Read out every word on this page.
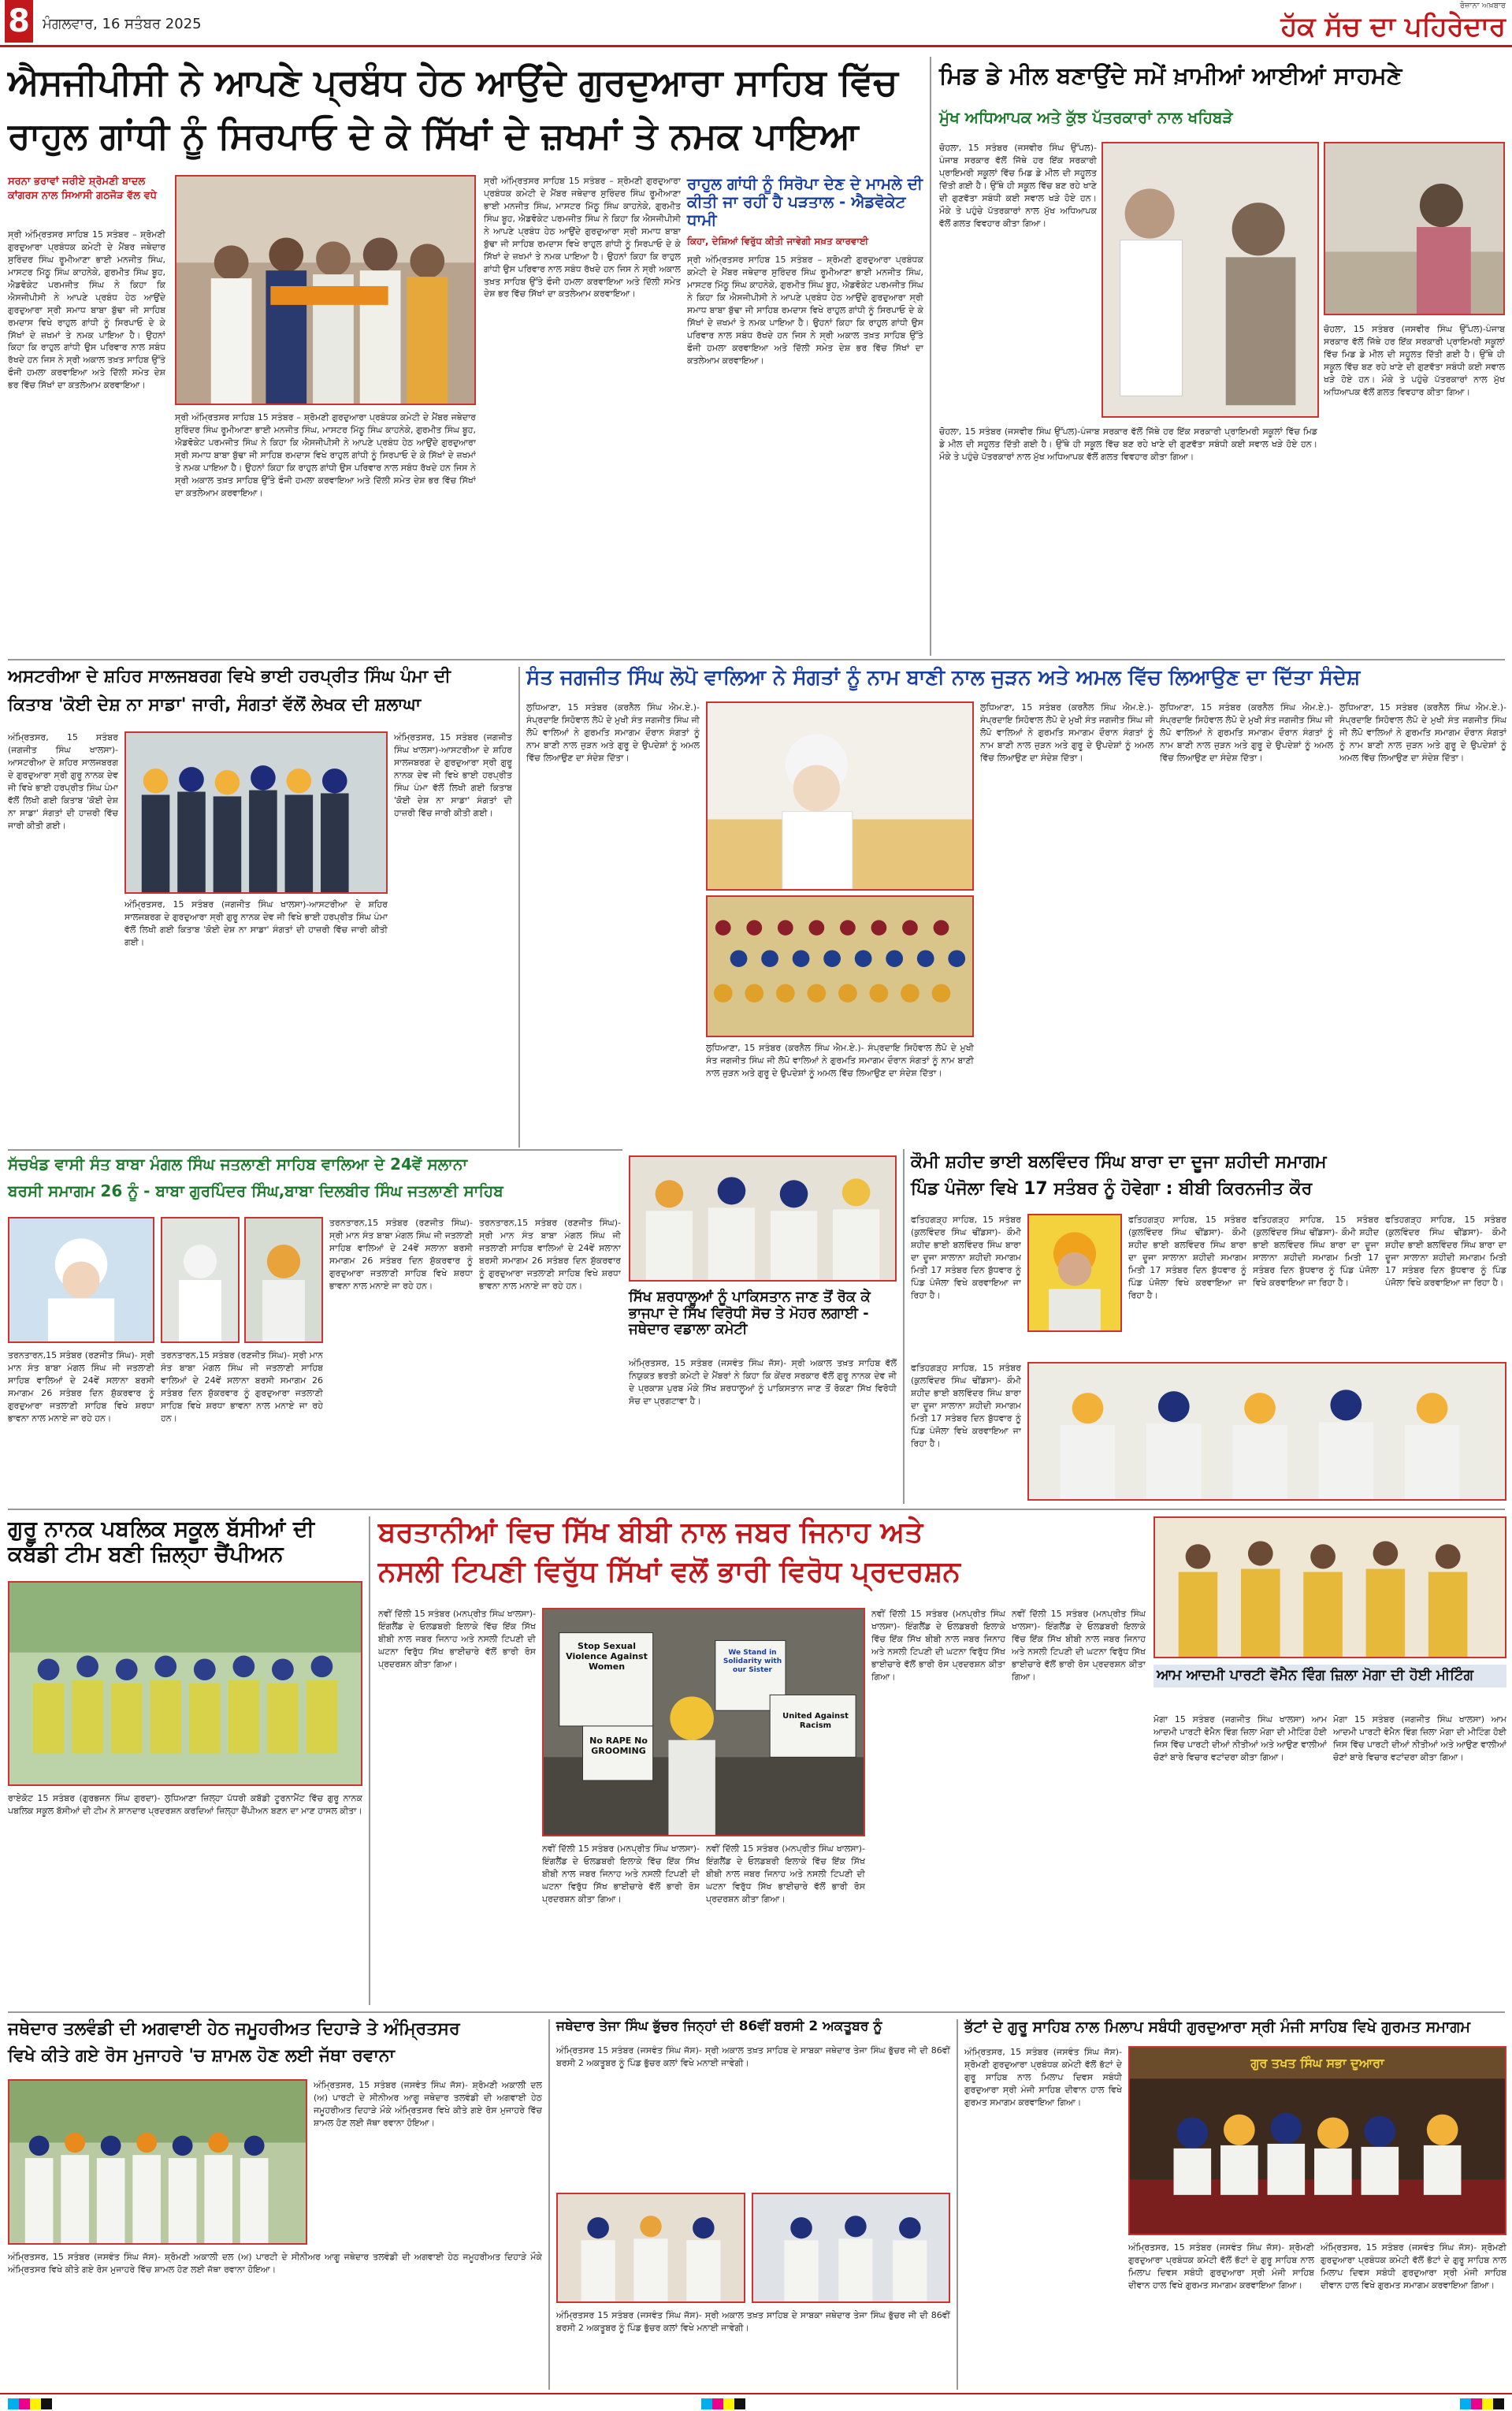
8 ਮੰਗਲਵਾਰ, 16 ਸਤੰਬਰ 2025
ਰੋਜ਼ਾਨਾ ਅਖ਼ਬਾਰ
ਹੱਕ ਸੱਚ ਦਾ ਪਹਿਰੇਦਾਰ
ਐਸਜੀਪੀਸੀ ਨੇ ਆਪਣੇ ਪ੍ਰਬੰਧ ਹੇਠ ਆਉਂਦੇ ਗੁਰਦੁਆਰਾ ਸਾਹਿਬ ਵਿੱਚ
ਰਾਹੁਲ ਗਾਂਧੀ ਨੂੰ ਸਿਰਪਾਓ ਦੇ ਕੇ ਸਿੱਖਾਂ ਦੇ ਜ਼ਖਮਾਂ ਤੇ ਨਮਕ ਪਾਇਆ
ਸਰਨਾ ਭਰਾਵਾਂ ਜਰੀਏ ਸ਼੍ਰੋਮਣੀ ਬਾਦਲ ਕਾਂਗਰਸ ਨਾਲ ਸਿਆਸੀ ਗਠਜੋੜ ਵੱਲ ਵਧੇ
ਸ੍ਰੀ ਅੰਮ੍ਰਿਤਸਰ ਸਾਹਿਬ 15 ਸਤੰਬਰ – ਸ਼੍ਰੋਮਣੀ ਗੁਰਦੁਆਰਾ ਪ੍ਰਬੰਧਕ ਕਮੇਟੀ ਦੇ ਮੈਂਬਰ ਜਥੇਦਾਰ ਸੁਰਿੰਦਰ ਸਿੰਘ ਰੂਮੀਆਣਾ ਭਾਈ ਮਨਜੀਤ ਸਿੰਘ, ਮਾਸਟਰ ਮਿੱਠੂ ਸਿੰਘ ਕਾਹਨੇਕੇ, ਗੁਰਮੀਤ ਸਿੰਘ ਬੂਹ, ਐਡਵੋਕੇਟ ਪਰਮਜੀਤ ਸਿੰਘ ਨੇ ਕਿਹਾ ਕਿ ਐਸਜੀਪੀਸੀ ਨੇ ਆਪਣੇ ਪ੍ਰਬੰਧ ਹੇਠ ਆਉਂਦੇ ਗੁਰਦੁਆਰਾ ਸ੍ਰੀ ਸਮਾਧ ਬਾਬਾ ਬੁੱਢਾ ਜੀ ਸਾਹਿਬ ਰਮਦਾਸ ਵਿਖੇ ਰਾਹੁਲ ਗਾਂਧੀ ਨੂੰ ਸਿਰਪਾਓ ਦੇ ਕੇ ਸਿੱਖਾਂ ਦੇ ਜ਼ਖਮਾਂ ਤੇ ਨਮਕ ਪਾਇਆ ਹੈ। ਉਹਨਾਂ ਕਿਹਾ ਕਿ ਰਾਹੁਲ ਗਾਂਧੀ ਉਸ ਪਰਿਵਾਰ ਨਾਲ ਸਬੰਧ ਰੱਖਦੇ ਹਨ ਜਿਸ ਨੇ ਸ੍ਰੀ ਅਕਾਲ ਤਖ਼ਤ ਸਾਹਿਬ ਉੱਤੇ ਫੌਜੀ ਹਮਲਾ ਕਰਵਾਇਆ ਅਤੇ ਦਿੱਲੀ ਸਮੇਤ ਦੇਸ਼ ਭਰ ਵਿੱਚ ਸਿੱਖਾਂ ਦਾ ਕਤਲੇਆਮ ਕਰਵਾਇਆ।
ਸ੍ਰੀ ਅੰਮ੍ਰਿਤਸਰ ਸਾਹਿਬ 15 ਸਤੰਬਰ – ਸ਼੍ਰੋਮਣੀ ਗੁਰਦੁਆਰਾ ਪ੍ਰਬੰਧਕ ਕਮੇਟੀ ਦੇ ਮੈਂਬਰ ਜਥੇਦਾਰ ਸੁਰਿੰਦਰ ਸਿੰਘ ਰੂਮੀਆਣਾ ਭਾਈ ਮਨਜੀਤ ਸਿੰਘ, ਮਾਸਟਰ ਮਿੱਠੂ ਸਿੰਘ ਕਾਹਨੇਕੇ, ਗੁਰਮੀਤ ਸਿੰਘ ਬੂਹ, ਐਡਵੋਕੇਟ ਪਰਮਜੀਤ ਸਿੰਘ ਨੇ ਕਿਹਾ ਕਿ ਐਸਜੀਪੀਸੀ ਨੇ ਆਪਣੇ ਪ੍ਰਬੰਧ ਹੇਠ ਆਉਂਦੇ ਗੁਰਦੁਆਰਾ ਸ੍ਰੀ ਸਮਾਧ ਬਾਬਾ ਬੁੱਢਾ ਜੀ ਸਾਹਿਬ ਰਮਦਾਸ ਵਿਖੇ ਰਾਹੁਲ ਗਾਂਧੀ ਨੂੰ ਸਿਰਪਾਓ ਦੇ ਕੇ ਸਿੱਖਾਂ ਦੇ ਜ਼ਖਮਾਂ ਤੇ ਨਮਕ ਪਾਇਆ ਹੈ। ਉਹਨਾਂ ਕਿਹਾ ਕਿ ਰਾਹੁਲ ਗਾਂਧੀ ਉਸ ਪਰਿਵਾਰ ਨਾਲ ਸਬੰਧ ਰੱਖਦੇ ਹਨ ਜਿਸ ਨੇ ਸ੍ਰੀ ਅਕਾਲ ਤਖ਼ਤ ਸਾਹਿਬ ਉੱਤੇ ਫੌਜੀ ਹਮਲਾ ਕਰਵਾਇਆ ਅਤੇ ਦਿੱਲੀ ਸਮੇਤ ਦੇਸ਼ ਭਰ ਵਿੱਚ ਸਿੱਖਾਂ ਦਾ ਕਤਲੇਆਮ ਕਰਵਾਇਆ।
ਸ੍ਰੀ ਅੰਮ੍ਰਿਤਸਰ ਸਾਹਿਬ 15 ਸਤੰਬਰ – ਸ਼੍ਰੋਮਣੀ ਗੁਰਦੁਆਰਾ ਪ੍ਰਬੰਧਕ ਕਮੇਟੀ ਦੇ ਮੈਂਬਰ ਜਥੇਦਾਰ ਸੁਰਿੰਦਰ ਸਿੰਘ ਰੂਮੀਆਣਾ ਭਾਈ ਮਨਜੀਤ ਸਿੰਘ, ਮਾਸਟਰ ਮਿੱਠੂ ਸਿੰਘ ਕਾਹਨੇਕੇ, ਗੁਰਮੀਤ ਸਿੰਘ ਬੂਹ, ਐਡਵੋਕੇਟ ਪਰਮਜੀਤ ਸਿੰਘ ਨੇ ਕਿਹਾ ਕਿ ਐਸਜੀਪੀਸੀ ਨੇ ਆਪਣੇ ਪ੍ਰਬੰਧ ਹੇਠ ਆਉਂਦੇ ਗੁਰਦੁਆਰਾ ਸ੍ਰੀ ਸਮਾਧ ਬਾਬਾ ਬੁੱਢਾ ਜੀ ਸਾਹਿਬ ਰਮਦਾਸ ਵਿਖੇ ਰਾਹੁਲ ਗਾਂਧੀ ਨੂੰ ਸਿਰਪਾਓ ਦੇ ਕੇ ਸਿੱਖਾਂ ਦੇ ਜ਼ਖਮਾਂ ਤੇ ਨਮਕ ਪਾਇਆ ਹੈ। ਉਹਨਾਂ ਕਿਹਾ ਕਿ ਰਾਹੁਲ ਗਾਂਧੀ ਉਸ ਪਰਿਵਾਰ ਨਾਲ ਸਬੰਧ ਰੱਖਦੇ ਹਨ ਜਿਸ ਨੇ ਸ੍ਰੀ ਅਕਾਲ ਤਖ਼ਤ ਸਾਹਿਬ ਉੱਤੇ ਫੌਜੀ ਹਮਲਾ ਕਰਵਾਇਆ ਅਤੇ ਦਿੱਲੀ ਸਮੇਤ ਦੇਸ਼ ਭਰ ਵਿੱਚ ਸਿੱਖਾਂ ਦਾ ਕਤਲੇਆਮ ਕਰਵਾਇਆ।
ਰਾਹੁਲ ਗਾਂਧੀ ਨੂੰ ਸਿਰੋਪਾ ਦੇਣ ਦੇ ਮਾਮਲੇ ਦੀ ਕੀਤੀ ਜਾ ਰਹੀ ਹੈ ਪੜਤਾਲ - ਐਡਵੋਕੇਟ ਧਾਮੀ
ਕਿਹਾ, ਦੇਸ਼ਿਆਂ ਵਿਰੁੱਧ ਕੀਤੀ ਜਾਵੇਗੀ ਸਖ਼ਤ ਕਾਰਵਾਈ
ਸ੍ਰੀ ਅੰਮ੍ਰਿਤਸਰ ਸਾਹਿਬ 15 ਸਤੰਬਰ – ਸ਼੍ਰੋਮਣੀ ਗੁਰਦੁਆਰਾ ਪ੍ਰਬੰਧਕ ਕਮੇਟੀ ਦੇ ਮੈਂਬਰ ਜਥੇਦਾਰ ਸੁਰਿੰਦਰ ਸਿੰਘ ਰੂਮੀਆਣਾ ਭਾਈ ਮਨਜੀਤ ਸਿੰਘ, ਮਾਸਟਰ ਮਿੱਠੂ ਸਿੰਘ ਕਾਹਨੇਕੇ, ਗੁਰਮੀਤ ਸਿੰਘ ਬੂਹ, ਐਡਵੋਕੇਟ ਪਰਮਜੀਤ ਸਿੰਘ ਨੇ ਕਿਹਾ ਕਿ ਐਸਜੀਪੀਸੀ ਨੇ ਆਪਣੇ ਪ੍ਰਬੰਧ ਹੇਠ ਆਉਂਦੇ ਗੁਰਦੁਆਰਾ ਸ੍ਰੀ ਸਮਾਧ ਬਾਬਾ ਬੁੱਢਾ ਜੀ ਸਾਹਿਬ ਰਮਦਾਸ ਵਿਖੇ ਰਾਹੁਲ ਗਾਂਧੀ ਨੂੰ ਸਿਰਪਾਓ ਦੇ ਕੇ ਸਿੱਖਾਂ ਦੇ ਜ਼ਖਮਾਂ ਤੇ ਨਮਕ ਪਾਇਆ ਹੈ। ਉਹਨਾਂ ਕਿਹਾ ਕਿ ਰਾਹੁਲ ਗਾਂਧੀ ਉਸ ਪਰਿਵਾਰ ਨਾਲ ਸਬੰਧ ਰੱਖਦੇ ਹਨ ਜਿਸ ਨੇ ਸ੍ਰੀ ਅਕਾਲ ਤਖ਼ਤ ਸਾਹਿਬ ਉੱਤੇ ਫੌਜੀ ਹਮਲਾ ਕਰਵਾਇਆ ਅਤੇ ਦਿੱਲੀ ਸਮੇਤ ਦੇਸ਼ ਭਰ ਵਿੱਚ ਸਿੱਖਾਂ ਦਾ ਕਤਲੇਆਮ ਕਰਵਾਇਆ।
ਮਿਡ ਡੇ ਮੀਲ ਬਣਾਉਂਦੇ ਸਮੇਂ ਖ਼ਾਮੀਆਂ ਆਈਆਂ ਸਾਹਮਣੇ
ਮੁੱਖ ਅਧਿਆਪਕ ਅਤੇ ਕੁੱਝ ਪੱਤਰਕਾਰਾਂ ਨਾਲ ਖਹਿਬੜੇ
ਚੋਹਲਾ, 15 ਸਤੰਬਰ (ਜਸਵੀਰ ਸਿੰਘ ਉੱਪਲ)-ਪੰਜਾਬ ਸਰਕਾਰ ਵੱਲੋਂ ਜਿੱਥੇ ਹਰ ਇੱਕ ਸਰਕਾਰੀ ਪ੍ਰਾਇਮਰੀ ਸਕੂਲਾਂ ਵਿੱਚ ਮਿਡ ਡੇ ਮੀਲ ਦੀ ਸਹੂਲਤ ਦਿੱਤੀ ਗਈ ਹੈ। ਉੱਥੇ ਹੀ ਸਕੂਲ ਵਿੱਚ ਬਣ ਰਹੇ ਖਾਣੇ ਦੀ ਗੁਣਵੱਤਾ ਸਬੰਧੀ ਕਈ ਸਵਾਲ ਖੜੇ ਹੋਏ ਹਨ। ਮੌਕੇ ਤੇ ਪਹੁੰਚੇ ਪੱਤਰਕਾਰਾਂ ਨਾਲ ਮੁੱਖ ਅਧਿਆਪਕ ਵੱਲੋਂ ਗਲਤ ਵਿਵਹਾਰ ਕੀਤਾ ਗਿਆ।
ਚੋਹਲਾ, 15 ਸਤੰਬਰ (ਜਸਵੀਰ ਸਿੰਘ ਉੱਪਲ)-ਪੰਜਾਬ ਸਰਕਾਰ ਵੱਲੋਂ ਜਿੱਥੇ ਹਰ ਇੱਕ ਸਰਕਾਰੀ ਪ੍ਰਾਇਮਰੀ ਸਕੂਲਾਂ ਵਿੱਚ ਮਿਡ ਡੇ ਮੀਲ ਦੀ ਸਹੂਲਤ ਦਿੱਤੀ ਗਈ ਹੈ। ਉੱਥੇ ਹੀ ਸਕੂਲ ਵਿੱਚ ਬਣ ਰਹੇ ਖਾਣੇ ਦੀ ਗੁਣਵੱਤਾ ਸਬੰਧੀ ਕਈ ਸਵਾਲ ਖੜੇ ਹੋਏ ਹਨ। ਮੌਕੇ ਤੇ ਪਹੁੰਚੇ ਪੱਤਰਕਾਰਾਂ ਨਾਲ ਮੁੱਖ ਅਧਿਆਪਕ ਵੱਲੋਂ ਗਲਤ ਵਿਵਹਾਰ ਕੀਤਾ ਗਿਆ।
ਚੋਹਲਾ, 15 ਸਤੰਬਰ (ਜਸਵੀਰ ਸਿੰਘ ਉੱਪਲ)-ਪੰਜਾਬ ਸਰਕਾਰ ਵੱਲੋਂ ਜਿੱਥੇ ਹਰ ਇੱਕ ਸਰਕਾਰੀ ਪ੍ਰਾਇਮਰੀ ਸਕੂਲਾਂ ਵਿੱਚ ਮਿਡ ਡੇ ਮੀਲ ਦੀ ਸਹੂਲਤ ਦਿੱਤੀ ਗਈ ਹੈ। ਉੱਥੇ ਹੀ ਸਕੂਲ ਵਿੱਚ ਬਣ ਰਹੇ ਖਾਣੇ ਦੀ ਗੁਣਵੱਤਾ ਸਬੰਧੀ ਕਈ ਸਵਾਲ ਖੜੇ ਹੋਏ ਹਨ। ਮੌਕੇ ਤੇ ਪਹੁੰਚੇ ਪੱਤਰਕਾਰਾਂ ਨਾਲ ਮੁੱਖ ਅਧਿਆਪਕ ਵੱਲੋਂ ਗਲਤ ਵਿਵਹਾਰ ਕੀਤਾ ਗਿਆ।
ਅਸਟਰੀਆ ਦੇ ਸ਼ਹਿਰ ਸਾਲਜਬਰਗ ਵਿਖੇ ਭਾਈ ਹਰਪ੍ਰੀਤ ਸਿੰਘ ਪੰਮਾ ਦੀ
ਕਿਤਾਬ 'ਕੋਈ ਦੇਸ਼ ਨਾ ਸਾਡਾ' ਜਾਰੀ, ਸੰਗਤਾਂ ਵੱਲੋਂ ਲੇਖਕ ਦੀ ਸ਼ਲਾਘਾ
ਅੰਮ੍ਰਿਤਸਰ, 15 ਸਤੰਬਰ (ਜਗਜੀਤ ਸਿੰਘ ਖਾਲਸਾ)-ਆਸਟਰੀਆ ਦੇ ਸ਼ਹਿਰ ਸਾਲਜਬਰਗ ਦੇ ਗੁਰਦੁਆਰਾ ਸ੍ਰੀ ਗੁਰੂ ਨਾਨਕ ਦੇਵ ਜੀ ਵਿਖੇ ਭਾਈ ਹਰਪ੍ਰੀਤ ਸਿੰਘ ਪੰਮਾ ਵੱਲੋਂ ਲਿਖੀ ਗਈ ਕਿਤਾਬ 'ਕੋਈ ਦੇਸ਼ ਨਾ ਸਾਡਾ' ਸੰਗਤਾਂ ਦੀ ਹਾਜ਼ਰੀ ਵਿੱਚ ਜਾਰੀ ਕੀਤੀ ਗਈ।
ਅੰਮ੍ਰਿਤਸਰ, 15 ਸਤੰਬਰ (ਜਗਜੀਤ ਸਿੰਘ ਖਾਲਸਾ)-ਆਸਟਰੀਆ ਦੇ ਸ਼ਹਿਰ ਸਾਲਜਬਰਗ ਦੇ ਗੁਰਦੁਆਰਾ ਸ੍ਰੀ ਗੁਰੂ ਨਾਨਕ ਦੇਵ ਜੀ ਵਿਖੇ ਭਾਈ ਹਰਪ੍ਰੀਤ ਸਿੰਘ ਪੰਮਾ ਵੱਲੋਂ ਲਿਖੀ ਗਈ ਕਿਤਾਬ 'ਕੋਈ ਦੇਸ਼ ਨਾ ਸਾਡਾ' ਸੰਗਤਾਂ ਦੀ ਹਾਜ਼ਰੀ ਵਿੱਚ ਜਾਰੀ ਕੀਤੀ ਗਈ।
ਅੰਮ੍ਰਿਤਸਰ, 15 ਸਤੰਬਰ (ਜਗਜੀਤ ਸਿੰਘ ਖਾਲਸਾ)-ਆਸਟਰੀਆ ਦੇ ਸ਼ਹਿਰ ਸਾਲਜਬਰਗ ਦੇ ਗੁਰਦੁਆਰਾ ਸ੍ਰੀ ਗੁਰੂ ਨਾਨਕ ਦੇਵ ਜੀ ਵਿਖੇ ਭਾਈ ਹਰਪ੍ਰੀਤ ਸਿੰਘ ਪੰਮਾ ਵੱਲੋਂ ਲਿਖੀ ਗਈ ਕਿਤਾਬ 'ਕੋਈ ਦੇਸ਼ ਨਾ ਸਾਡਾ' ਸੰਗਤਾਂ ਦੀ ਹਾਜ਼ਰੀ ਵਿੱਚ ਜਾਰੀ ਕੀਤੀ ਗਈ।
ਸੰਤ ਜਗਜੀਤ ਸਿੰਘ ਲੋਪੋ ਵਾਲਿਆ ਨੇ ਸੰਗਤਾਂ ਨੂੰ ਨਾਮ ਬਾਣੀ ਨਾਲ ਜੁੜਨ ਅਤੇ ਅਮਲ ਵਿੱਚ ਲਿਆਉਣ ਦਾ ਦਿੱਤਾ ਸੰਦੇਸ਼
ਲੁਧਿਆਣਾ, 15 ਸਤੰਬਰ (ਕਰਨੈਲ ਸਿੰਘ ਐਮ.ਏ.)- ਸੰਪ੍ਰਦਾਇ ਸਿਹੋਵਾਲ ਲੋਪੋ ਦੇ ਮੁਖੀ ਸੰਤ ਜਗਜੀਤ ਸਿੰਘ ਜੀ ਲੋਪੋ ਵਾਲਿਆਂ ਨੇ ਗੁਰਮਤਿ ਸਮਾਗਮ ਦੌਰਾਨ ਸੰਗਤਾਂ ਨੂੰ ਨਾਮ ਬਾਣੀ ਨਾਲ ਜੁੜਨ ਅਤੇ ਗੁਰੂ ਦੇ ਉਪਦੇਸ਼ਾਂ ਨੂੰ ਅਮਲ ਵਿੱਚ ਲਿਆਉਣ ਦਾ ਸੰਦੇਸ਼ ਦਿੱਤਾ।
ਲੁਧਿਆਣਾ, 15 ਸਤੰਬਰ (ਕਰਨੈਲ ਸਿੰਘ ਐਮ.ਏ.)- ਸੰਪ੍ਰਦਾਇ ਸਿਹੋਵਾਲ ਲੋਪੋ ਦੇ ਮੁਖੀ ਸੰਤ ਜਗਜੀਤ ਸਿੰਘ ਜੀ ਲੋਪੋ ਵਾਲਿਆਂ ਨੇ ਗੁਰਮਤਿ ਸਮਾਗਮ ਦੌਰਾਨ ਸੰਗਤਾਂ ਨੂੰ ਨਾਮ ਬਾਣੀ ਨਾਲ ਜੁੜਨ ਅਤੇ ਗੁਰੂ ਦੇ ਉਪਦੇਸ਼ਾਂ ਨੂੰ ਅਮਲ ਵਿੱਚ ਲਿਆਉਣ ਦਾ ਸੰਦੇਸ਼ ਦਿੱਤਾ।
ਲੁਧਿਆਣਾ, 15 ਸਤੰਬਰ (ਕਰਨੈਲ ਸਿੰਘ ਐਮ.ਏ.)- ਸੰਪ੍ਰਦਾਇ ਸਿਹੋਵਾਲ ਲੋਪੋ ਦੇ ਮੁਖੀ ਸੰਤ ਜਗਜੀਤ ਸਿੰਘ ਜੀ ਲੋਪੋ ਵਾਲਿਆਂ ਨੇ ਗੁਰਮਤਿ ਸਮਾਗਮ ਦੌਰਾਨ ਸੰਗਤਾਂ ਨੂੰ ਨਾਮ ਬਾਣੀ ਨਾਲ ਜੁੜਨ ਅਤੇ ਗੁਰੂ ਦੇ ਉਪਦੇਸ਼ਾਂ ਨੂੰ ਅਮਲ ਵਿੱਚ ਲਿਆਉਣ ਦਾ ਸੰਦੇਸ਼ ਦਿੱਤਾ।
ਲੁਧਿਆਣਾ, 15 ਸਤੰਬਰ (ਕਰਨੈਲ ਸਿੰਘ ਐਮ.ਏ.)- ਸੰਪ੍ਰਦਾਇ ਸਿਹੋਵਾਲ ਲੋਪੋ ਦੇ ਮੁਖੀ ਸੰਤ ਜਗਜੀਤ ਸਿੰਘ ਜੀ ਲੋਪੋ ਵਾਲਿਆਂ ਨੇ ਗੁਰਮਤਿ ਸਮਾਗਮ ਦੌਰਾਨ ਸੰਗਤਾਂ ਨੂੰ ਨਾਮ ਬਾਣੀ ਨਾਲ ਜੁੜਨ ਅਤੇ ਗੁਰੂ ਦੇ ਉਪਦੇਸ਼ਾਂ ਨੂੰ ਅਮਲ ਵਿੱਚ ਲਿਆਉਣ ਦਾ ਸੰਦੇਸ਼ ਦਿੱਤਾ।
ਲੁਧਿਆਣਾ, 15 ਸਤੰਬਰ (ਕਰਨੈਲ ਸਿੰਘ ਐਮ.ਏ.)- ਸੰਪ੍ਰਦਾਇ ਸਿਹੋਵਾਲ ਲੋਪੋ ਦੇ ਮੁਖੀ ਸੰਤ ਜਗਜੀਤ ਸਿੰਘ ਜੀ ਲੋਪੋ ਵਾਲਿਆਂ ਨੇ ਗੁਰਮਤਿ ਸਮਾਗਮ ਦੌਰਾਨ ਸੰਗਤਾਂ ਨੂੰ ਨਾਮ ਬਾਣੀ ਨਾਲ ਜੁੜਨ ਅਤੇ ਗੁਰੂ ਦੇ ਉਪਦੇਸ਼ਾਂ ਨੂੰ ਅਮਲ ਵਿੱਚ ਲਿਆਉਣ ਦਾ ਸੰਦੇਸ਼ ਦਿੱਤਾ।
ਸੱਚਖੰਡ ਵਾਸੀ ਸੰਤ ਬਾਬਾ ਮੰਗਲ ਸਿੰਘ ਜਤਲਾਣੀ ਸਾਹਿਬ ਵਾਲਿਆ ਦੇ 24ਵੇਂ ਸਲਾਨਾ
ਬਰਸੀ ਸਮਾਗਮ 26 ਨੂੰ - ਬਾਬਾ ਗੁਰਪਿੰਦਰ ਸਿੰਘ,ਬਾਬਾ ਦਿਲਬੀਰ ਸਿੰਘ ਜਤਲਾਣੀ ਸਾਹਿਬ
ਤਰਨਤਾਰਨ,15 ਸਤੰਬਰ (ਰਣਜੀਤ ਸਿੰਘ)- ਸ੍ਰੀ ਮਾਨ ਸੰਤ ਬਾਬਾ ਮੰਗਲ ਸਿੰਘ ਜੀ ਜਤਲਾਣੀ ਸਾਹਿਬ ਵਾਲਿਆਂ ਦੇ 24ਵੇਂ ਸਲਾਨਾ ਬਰਸੀ ਸਮਾਗਮ 26 ਸਤੰਬਰ ਦਿਨ ਸ਼ੁੱਕਰਵਾਰ ਨੂੰ ਗੁਰਦੁਆਰਾ ਜਤਲਾਣੀ ਸਾਹਿਬ ਵਿਖੇ ਸ਼ਰਧਾ ਭਾਵਨਾ ਨਾਲ ਮਨਾਏ ਜਾ ਰਹੇ ਹਨ।
ਤਰਨਤਾਰਨ,15 ਸਤੰਬਰ (ਰਣਜੀਤ ਸਿੰਘ)- ਸ੍ਰੀ ਮਾਨ ਸੰਤ ਬਾਬਾ ਮੰਗਲ ਸਿੰਘ ਜੀ ਜਤਲਾਣੀ ਸਾਹਿਬ ਵਾਲਿਆਂ ਦੇ 24ਵੇਂ ਸਲਾਨਾ ਬਰਸੀ ਸਮਾਗਮ 26 ਸਤੰਬਰ ਦਿਨ ਸ਼ੁੱਕਰਵਾਰ ਨੂੰ ਗੁਰਦੁਆਰਾ ਜਤਲਾਣੀ ਸਾਹਿਬ ਵਿਖੇ ਸ਼ਰਧਾ ਭਾਵਨਾ ਨਾਲ ਮਨਾਏ ਜਾ ਰਹੇ ਹਨ।
ਤਰਨਤਾਰਨ,15 ਸਤੰਬਰ (ਰਣਜੀਤ ਸਿੰਘ)- ਸ੍ਰੀ ਮਾਨ ਸੰਤ ਬਾਬਾ ਮੰਗਲ ਸਿੰਘ ਜੀ ਜਤਲਾਣੀ ਸਾਹਿਬ ਵਾਲਿਆਂ ਦੇ 24ਵੇਂ ਸਲਾਨਾ ਬਰਸੀ ਸਮਾਗਮ 26 ਸਤੰਬਰ ਦਿਨ ਸ਼ੁੱਕਰਵਾਰ ਨੂੰ ਗੁਰਦੁਆਰਾ ਜਤਲਾਣੀ ਸਾਹਿਬ ਵਿਖੇ ਸ਼ਰਧਾ ਭਾਵਨਾ ਨਾਲ ਮਨਾਏ ਜਾ ਰਹੇ ਹਨ।
ਤਰਨਤਾਰਨ,15 ਸਤੰਬਰ (ਰਣਜੀਤ ਸਿੰਘ)- ਸ੍ਰੀ ਮਾਨ ਸੰਤ ਬਾਬਾ ਮੰਗਲ ਸਿੰਘ ਜੀ ਜਤਲਾਣੀ ਸਾਹਿਬ ਵਾਲਿਆਂ ਦੇ 24ਵੇਂ ਸਲਾਨਾ ਬਰਸੀ ਸਮਾਗਮ 26 ਸਤੰਬਰ ਦਿਨ ਸ਼ੁੱਕਰਵਾਰ ਨੂੰ ਗੁਰਦੁਆਰਾ ਜਤਲਾਣੀ ਸਾਹਿਬ ਵਿਖੇ ਸ਼ਰਧਾ ਭਾਵਨਾ ਨਾਲ ਮਨਾਏ ਜਾ ਰਹੇ ਹਨ।
ਸਿੱਖ ਸ਼ਰਧਾਲੂਆਂ ਨੂੰ ਪਾਕਿਸਤਾਨ ਜਾਣ ਤੋਂ ਰੋਕ ਕੇ ਭਾਜਪਾ ਦੇ ਸਿੱਖ ਵਿਰੋਧੀ ਸੋਚ ਤੇ ਮੋਹਰ ਲਗਾਈ - ਜਥੇਦਾਰ ਵਡਾਲਾ ਕਮੇਟੀ
ਅੰਮ੍ਰਿਤਸਰ, 15 ਸਤੰਬਰ (ਜਸਵੰਤ ਸਿੰਘ ਜੱਸ)- ਸ੍ਰੀ ਅਕਾਲ ਤਖ਼ਤ ਸਾਹਿਬ ਵੱਲੋਂ ਨਿਯੁਕਤ ਭਰਤੀ ਕਮੇਟੀ ਦੇ ਮੈਂਬਰਾਂ ਨੇ ਕਿਹਾ ਕਿ ਕੇਂਦਰ ਸਰਕਾਰ ਵੱਲੋਂ ਗੁਰੂ ਨਾਨਕ ਦੇਵ ਜੀ ਦੇ ਪ੍ਰਕਾਸ਼ ਪੁਰਬ ਮੌਕੇ ਸਿੱਖ ਸ਼ਰਧਾਲੂਆਂ ਨੂੰ ਪਾਕਿਸਤਾਨ ਜਾਣ ਤੋਂ ਰੋਕਣਾ ਸਿੱਖ ਵਿਰੋਧੀ ਸੋਚ ਦਾ ਪ੍ਰਗਟਾਵਾ ਹੈ।
ਕੌਮੀ ਸ਼ਹੀਦ ਭਾਈ ਬਲਵਿੰਦਰ ਸਿੰਘ ਬਾਰਾ ਦਾ ਦੂਜਾ ਸ਼ਹੀਦੀ ਸਮਾਗਮ
ਪਿੰਡ ਪੰਜੋਲਾ ਵਿਖੇ 17 ਸਤੰਬਰ ਨੂੰ ਹੋਵੇਗਾ : ਬੀਬੀ ਕਿਰਨਜੀਤ ਕੌਰ
ਫਤਿਹਗੜ੍ਹ ਸਾਹਿਬ, 15 ਸਤੰਬਰ (ਕੁਲਵਿੰਦਰ ਸਿੰਘ ਢੀਂਡਸਾ)- ਕੌਮੀ ਸ਼ਹੀਦ ਭਾਈ ਬਲਵਿੰਦਰ ਸਿੰਘ ਬਾਰਾ ਦਾ ਦੂਜਾ ਸਾਲਾਨਾ ਸ਼ਹੀਦੀ ਸਮਾਗਮ ਮਿਤੀ 17 ਸਤੰਬਰ ਦਿਨ ਬੁੱਧਵਾਰ ਨੂੰ ਪਿੰਡ ਪੰਜੋਲਾ ਵਿਖੇ ਕਰਵਾਇਆ ਜਾ ਰਿਹਾ ਹੈ।
ਫਤਿਹਗੜ੍ਹ ਸਾਹਿਬ, 15 ਸਤੰਬਰ (ਕੁਲਵਿੰਦਰ ਸਿੰਘ ਢੀਂਡਸਾ)- ਕੌਮੀ ਸ਼ਹੀਦ ਭਾਈ ਬਲਵਿੰਦਰ ਸਿੰਘ ਬਾਰਾ ਦਾ ਦੂਜਾ ਸਾਲਾਨਾ ਸ਼ਹੀਦੀ ਸਮਾਗਮ ਮਿਤੀ 17 ਸਤੰਬਰ ਦਿਨ ਬੁੱਧਵਾਰ ਨੂੰ ਪਿੰਡ ਪੰਜੋਲਾ ਵਿਖੇ ਕਰਵਾਇਆ ਜਾ ਰਿਹਾ ਹੈ।
ਫਤਿਹਗੜ੍ਹ ਸਾਹਿਬ, 15 ਸਤੰਬਰ (ਕੁਲਵਿੰਦਰ ਸਿੰਘ ਢੀਂਡਸਾ)- ਕੌਮੀ ਸ਼ਹੀਦ ਭਾਈ ਬਲਵਿੰਦਰ ਸਿੰਘ ਬਾਰਾ ਦਾ ਦੂਜਾ ਸਾਲਾਨਾ ਸ਼ਹੀਦੀ ਸਮਾਗਮ ਮਿਤੀ 17 ਸਤੰਬਰ ਦਿਨ ਬੁੱਧਵਾਰ ਨੂੰ ਪਿੰਡ ਪੰਜੋਲਾ ਵਿਖੇ ਕਰਵਾਇਆ ਜਾ ਰਿਹਾ ਹੈ।
ਫਤਿਹਗੜ੍ਹ ਸਾਹਿਬ, 15 ਸਤੰਬਰ (ਕੁਲਵਿੰਦਰ ਸਿੰਘ ਢੀਂਡਸਾ)- ਕੌਮੀ ਸ਼ਹੀਦ ਭਾਈ ਬਲਵਿੰਦਰ ਸਿੰਘ ਬਾਰਾ ਦਾ ਦੂਜਾ ਸਾਲਾਨਾ ਸ਼ਹੀਦੀ ਸਮਾਗਮ ਮਿਤੀ 17 ਸਤੰਬਰ ਦਿਨ ਬੁੱਧਵਾਰ ਨੂੰ ਪਿੰਡ ਪੰਜੋਲਾ ਵਿਖੇ ਕਰਵਾਇਆ ਜਾ ਰਿਹਾ ਹੈ।
ਫਤਿਹਗੜ੍ਹ ਸਾਹਿਬ, 15 ਸਤੰਬਰ (ਕੁਲਵਿੰਦਰ ਸਿੰਘ ਢੀਂਡਸਾ)- ਕੌਮੀ ਸ਼ਹੀਦ ਭਾਈ ਬਲਵਿੰਦਰ ਸਿੰਘ ਬਾਰਾ ਦਾ ਦੂਜਾ ਸਾਲਾਨਾ ਸ਼ਹੀਦੀ ਸਮਾਗਮ ਮਿਤੀ 17 ਸਤੰਬਰ ਦਿਨ ਬੁੱਧਵਾਰ ਨੂੰ ਪਿੰਡ ਪੰਜੋਲਾ ਵਿਖੇ ਕਰਵਾਇਆ ਜਾ ਰਿਹਾ ਹੈ।
ਗੁਰੂ ਨਾਨਕ ਪਬਲਿਕ ਸਕੂਲ ਬੱਸੀਆਂ ਦੀ ਕਬੱਡੀ ਟੀਮ ਬਣੀ ਜ਼ਿਲ੍ਹਾ ਚੈਂਪੀਅਨ
ਰਾਏਕੋਟ 15 ਸਤੰਬਰ (ਗੁਰਭਜਨ ਸਿੰਘ ਗੁਰਦਾ)- ਲੁਧਿਆਣਾ ਜ਼ਿਲ੍ਹਾ ਪੱਧਰੀ ਕਬੱਡੀ ਟੂਰਨਾਮੈਂਟ ਵਿੱਚ ਗੁਰੂ ਨਾਨਕ ਪਬਲਿਕ ਸਕੂਲ ਬੱਸੀਆਂ ਦੀ ਟੀਮ ਨੇ ਸ਼ਾਨਦਾਰ ਪ੍ਰਦਰਸ਼ਨ ਕਰਦਿਆਂ ਜ਼ਿਲ੍ਹਾ ਚੈਂਪੀਅਨ ਬਣਨ ਦਾ ਮਾਣ ਹਾਸਲ ਕੀਤਾ।
ਬਰਤਾਨੀਆਂ ਵਿਚ ਸਿੱਖ ਬੀਬੀ ਨਾਲ ਜਬਰ ਜਿਨਾਹ ਅਤੇ
ਨਸਲੀ ਟਿਪਣੀ ਵਿਰੁੱਧ ਸਿੱਖਾਂ ਵਲੋਂ ਭਾਰੀ ਵਿਰੋਧ ਪ੍ਰਦਰਸ਼ਨ
ਨਵੀਂ ਦਿੱਲੀ 15 ਸਤੰਬਰ (ਮਨਪ੍ਰੀਤ ਸਿੰਘ ਖਾਲਸਾ)- ਇੰਗਲੈਂਡ ਦੇ ਓਲਡਬਰੀ ਇਲਾਕੇ ਵਿੱਚ ਇੱਕ ਸਿੱਖ ਬੀਬੀ ਨਾਲ ਜਬਰ ਜਿਨਾਹ ਅਤੇ ਨਸਲੀ ਟਿਪਣੀ ਦੀ ਘਟਨਾ ਵਿਰੁੱਧ ਸਿੱਖ ਭਾਈਚਾਰੇ ਵੱਲੋਂ ਭਾਰੀ ਰੋਸ ਪ੍ਰਦਰਸ਼ਨ ਕੀਤਾ ਗਿਆ।
Stop Sexual Violence Against Women
No RAPE No GROOMING
We Stand in Solidarity with our Sister
United Against Racism
ਨਵੀਂ ਦਿੱਲੀ 15 ਸਤੰਬਰ (ਮਨਪ੍ਰੀਤ ਸਿੰਘ ਖਾਲਸਾ)- ਇੰਗਲੈਂਡ ਦੇ ਓਲਡਬਰੀ ਇਲਾਕੇ ਵਿੱਚ ਇੱਕ ਸਿੱਖ ਬੀਬੀ ਨਾਲ ਜਬਰ ਜਿਨਾਹ ਅਤੇ ਨਸਲੀ ਟਿਪਣੀ ਦੀ ਘਟਨਾ ਵਿਰੁੱਧ ਸਿੱਖ ਭਾਈਚਾਰੇ ਵੱਲੋਂ ਭਾਰੀ ਰੋਸ ਪ੍ਰਦਰਸ਼ਨ ਕੀਤਾ ਗਿਆ।
ਨਵੀਂ ਦਿੱਲੀ 15 ਸਤੰਬਰ (ਮਨਪ੍ਰੀਤ ਸਿੰਘ ਖਾਲਸਾ)- ਇੰਗਲੈਂਡ ਦੇ ਓਲਡਬਰੀ ਇਲਾਕੇ ਵਿੱਚ ਇੱਕ ਸਿੱਖ ਬੀਬੀ ਨਾਲ ਜਬਰ ਜਿਨਾਹ ਅਤੇ ਨਸਲੀ ਟਿਪਣੀ ਦੀ ਘਟਨਾ ਵਿਰੁੱਧ ਸਿੱਖ ਭਾਈਚਾਰੇ ਵੱਲੋਂ ਭਾਰੀ ਰੋਸ ਪ੍ਰਦਰਸ਼ਨ ਕੀਤਾ ਗਿਆ।
ਨਵੀਂ ਦਿੱਲੀ 15 ਸਤੰਬਰ (ਮਨਪ੍ਰੀਤ ਸਿੰਘ ਖਾਲਸਾ)- ਇੰਗਲੈਂਡ ਦੇ ਓਲਡਬਰੀ ਇਲਾਕੇ ਵਿੱਚ ਇੱਕ ਸਿੱਖ ਬੀਬੀ ਨਾਲ ਜਬਰ ਜਿਨਾਹ ਅਤੇ ਨਸਲੀ ਟਿਪਣੀ ਦੀ ਘਟਨਾ ਵਿਰੁੱਧ ਸਿੱਖ ਭਾਈਚਾਰੇ ਵੱਲੋਂ ਭਾਰੀ ਰੋਸ ਪ੍ਰਦਰਸ਼ਨ ਕੀਤਾ ਗਿਆ।
ਨਵੀਂ ਦਿੱਲੀ 15 ਸਤੰਬਰ (ਮਨਪ੍ਰੀਤ ਸਿੰਘ ਖਾਲਸਾ)- ਇੰਗਲੈਂਡ ਦੇ ਓਲਡਬਰੀ ਇਲਾਕੇ ਵਿੱਚ ਇੱਕ ਸਿੱਖ ਬੀਬੀ ਨਾਲ ਜਬਰ ਜਿਨਾਹ ਅਤੇ ਨਸਲੀ ਟਿਪਣੀ ਦੀ ਘਟਨਾ ਵਿਰੁੱਧ ਸਿੱਖ ਭਾਈਚਾਰੇ ਵੱਲੋਂ ਭਾਰੀ ਰੋਸ ਪ੍ਰਦਰਸ਼ਨ ਕੀਤਾ ਗਿਆ।	ਆਮ ਆਦਮੀ ਪਾਰਟੀ ਵੋਮੈਨ ਵਿੰਗ ਜ਼ਿਲਾ ਮੋਗਾ ਦੀ ਹੋਈ ਮੀਟਿੰਗ
ਮੋਗਾ 15 ਸਤੰਬਰ (ਜਗਜੀਤ ਸਿੰਘ ਖਾਲਸਾ) ਆਮ ਆਦਮੀ ਪਾਰਟੀ ਵੋਮੈਨ ਵਿੰਗ ਜ਼ਿਲਾ ਮੋਗਾ ਦੀ ਮੀਟਿੰਗ ਹੋਈ ਜਿਸ ਵਿੱਚ ਪਾਰਟੀ ਦੀਆਂ ਨੀਤੀਆਂ ਅਤੇ ਆਉਣ ਵਾਲੀਆਂ ਚੋਣਾਂ ਬਾਰੇ ਵਿਚਾਰ ਵਟਾਂਦਰਾ ਕੀਤਾ ਗਿਆ।
ਮੋਗਾ 15 ਸਤੰਬਰ (ਜਗਜੀਤ ਸਿੰਘ ਖਾਲਸਾ) ਆਮ ਆਦਮੀ ਪਾਰਟੀ ਵੋਮੈਨ ਵਿੰਗ ਜ਼ਿਲਾ ਮੋਗਾ ਦੀ ਮੀਟਿੰਗ ਹੋਈ ਜਿਸ ਵਿੱਚ ਪਾਰਟੀ ਦੀਆਂ ਨੀਤੀਆਂ ਅਤੇ ਆਉਣ ਵਾਲੀਆਂ ਚੋਣਾਂ ਬਾਰੇ ਵਿਚਾਰ ਵਟਾਂਦਰਾ ਕੀਤਾ ਗਿਆ।
ਜਥੇਦਾਰ ਤਲਵੰਡੀ ਦੀ ਅਗਵਾਈ ਹੇਠ ਜਮੂਹਰੀਅਤ ਦਿਹਾੜੇ ਤੇ ਅੰਮ੍ਰਿਤਸਰ
ਵਿਖੇ ਕੀਤੇ ਗਏ ਰੋਸ ਮੁਜਾਹਰੇ 'ਚ ਸ਼ਾਮਲ ਹੋਣ ਲਈ ਜੱਥਾ ਰਵਾਨਾ
ਅੰਮ੍ਰਿਤਸਰ, 15 ਸਤੰਬਰ (ਜਸਵੰਤ ਸਿੰਘ ਜੱਸ)- ਸ਼੍ਰੋਮਣੀ ਅਕਾਲੀ ਦਲ (ਅ) ਪਾਰਟੀ ਦੇ ਸੀਨੀਅਰ ਆਗੂ ਜਥੇਦਾਰ ਤਲਵੰਡੀ ਦੀ ਅਗਵਾਈ ਹੇਠ ਜਮੂਹਰੀਅਤ ਦਿਹਾੜੇ ਮੌਕੇ ਅੰਮ੍ਰਿਤਸਰ ਵਿਖੇ ਕੀਤੇ ਗਏ ਰੋਸ ਮੁਜਾਹਰੇ ਵਿੱਚ ਸ਼ਾਮਲ ਹੋਣ ਲਈ ਜੱਥਾ ਰਵਾਨਾ ਹੋਇਆ।
ਅੰਮ੍ਰਿਤਸਰ, 15 ਸਤੰਬਰ (ਜਸਵੰਤ ਸਿੰਘ ਜੱਸ)- ਸ਼੍ਰੋਮਣੀ ਅਕਾਲੀ ਦਲ (ਅ) ਪਾਰਟੀ ਦੇ ਸੀਨੀਅਰ ਆਗੂ ਜਥੇਦਾਰ ਤਲਵੰਡੀ ਦੀ ਅਗਵਾਈ ਹੇਠ ਜਮੂਹਰੀਅਤ ਦਿਹਾੜੇ ਮੌਕੇ ਅੰਮ੍ਰਿਤਸਰ ਵਿਖੇ ਕੀਤੇ ਗਏ ਰੋਸ ਮੁਜਾਹਰੇ ਵਿੱਚ ਸ਼ਾਮਲ ਹੋਣ ਲਈ ਜੱਥਾ ਰਵਾਨਾ ਹੋਇਆ।
ਜਥੇਦਾਰ ਤੇਜਾ ਸਿੰਘ ਭੁੱਚਰ ਜਿਨ੍ਹਾਂ ਦੀ 86ਵੀਂ ਬਰਸੀ 2 ਅਕਤੂਬਰ ਨੂੰ
ਅੰਮ੍ਰਿਤਸਰ 15 ਸਤੰਬਰ (ਜਸਵੰਤ ਸਿੰਘ ਜੱਸ)- ਸ੍ਰੀ ਅਕਾਲ ਤਖ਼ਤ ਸਾਹਿਬ ਦੇ ਸਾਬਕਾ ਜਥੇਦਾਰ ਤੇਜਾ ਸਿੰਘ ਭੁੱਚਰ ਜੀ ਦੀ 86ਵੀਂ ਬਰਸੀ 2 ਅਕਤੂਬਰ ਨੂੰ ਪਿੰਡ ਭੁੱਚਰ ਕਲਾਂ ਵਿਖੇ ਮਨਾਈ ਜਾਵੇਗੀ।
ਅੰਮ੍ਰਿਤਸਰ 15 ਸਤੰਬਰ (ਜਸਵੰਤ ਸਿੰਘ ਜੱਸ)- ਸ੍ਰੀ ਅਕਾਲ ਤਖ਼ਤ ਸਾਹਿਬ ਦੇ ਸਾਬਕਾ ਜਥੇਦਾਰ ਤੇਜਾ ਸਿੰਘ ਭੁੱਚਰ ਜੀ ਦੀ 86ਵੀਂ ਬਰਸੀ 2 ਅਕਤੂਬਰ ਨੂੰ ਪਿੰਡ ਭੁੱਚਰ ਕਲਾਂ ਵਿਖੇ ਮਨਾਈ ਜਾਵੇਗੀ।
ਭੱਟਾਂ ਦੇ ਗੁਰੂ ਸਾਹਿਬ ਨਾਲ ਮਿਲਾਪ ਸਬੰਧੀ ਗੁਰਦੁਆਰਾ ਸ੍ਰੀ ਮੰਜੀ ਸਾਹਿਬ ਵਿਖੇ ਗੁਰਮਤ ਸਮਾਗਮ
ਅੰਮ੍ਰਿਤਸਰ, 15 ਸਤੰਬਰ (ਜਸਵੰਤ ਸਿੰਘ ਜੱਸ)- ਸ਼੍ਰੋਮਣੀ ਗੁਰਦੁਆਰਾ ਪ੍ਰਬੰਧਕ ਕਮੇਟੀ ਵੱਲੋਂ ਭੱਟਾਂ ਦੇ ਗੁਰੂ ਸਾਹਿਬ ਨਾਲ ਮਿਲਾਪ ਦਿਵਸ ਸਬੰਧੀ ਗੁਰਦੁਆਰਾ ਸ੍ਰੀ ਮੰਜੀ ਸਾਹਿਬ ਦੀਵਾਨ ਹਾਲ ਵਿਖੇ ਗੁਰਮਤ ਸਮਾਗਮ ਕਰਵਾਇਆ ਗਿਆ।
ਗੁਰ ਤਖਤ ਸਿੰਘ ਸਭਾ ਦੁਆਰਾ
ਅੰਮ੍ਰਿਤਸਰ, 15 ਸਤੰਬਰ (ਜਸਵੰਤ ਸਿੰਘ ਜੱਸ)- ਸ਼੍ਰੋਮਣੀ ਗੁਰਦੁਆਰਾ ਪ੍ਰਬੰਧਕ ਕਮੇਟੀ ਵੱਲੋਂ ਭੱਟਾਂ ਦੇ ਗੁਰੂ ਸਾਹਿਬ ਨਾਲ ਮਿਲਾਪ ਦਿਵਸ ਸਬੰਧੀ ਗੁਰਦੁਆਰਾ ਸ੍ਰੀ ਮੰਜੀ ਸਾਹਿਬ ਦੀਵਾਨ ਹਾਲ ਵਿਖੇ ਗੁਰਮਤ ਸਮਾਗਮ ਕਰਵਾਇਆ ਗਿਆ।
ਅੰਮ੍ਰਿਤਸਰ, 15 ਸਤੰਬਰ (ਜਸਵੰਤ ਸਿੰਘ ਜੱਸ)- ਸ਼੍ਰੋਮਣੀ ਗੁਰਦੁਆਰਾ ਪ੍ਰਬੰਧਕ ਕਮੇਟੀ ਵੱਲੋਂ ਭੱਟਾਂ ਦੇ ਗੁਰੂ ਸਾਹਿਬ ਨਾਲ ਮਿਲਾਪ ਦਿਵਸ ਸਬੰਧੀ ਗੁਰਦੁਆਰਾ ਸ੍ਰੀ ਮੰਜੀ ਸਾਹਿਬ ਦੀਵਾਨ ਹਾਲ ਵਿਖੇ ਗੁਰਮਤ ਸਮਾਗਮ ਕਰਵਾਇਆ ਗਿਆ।
